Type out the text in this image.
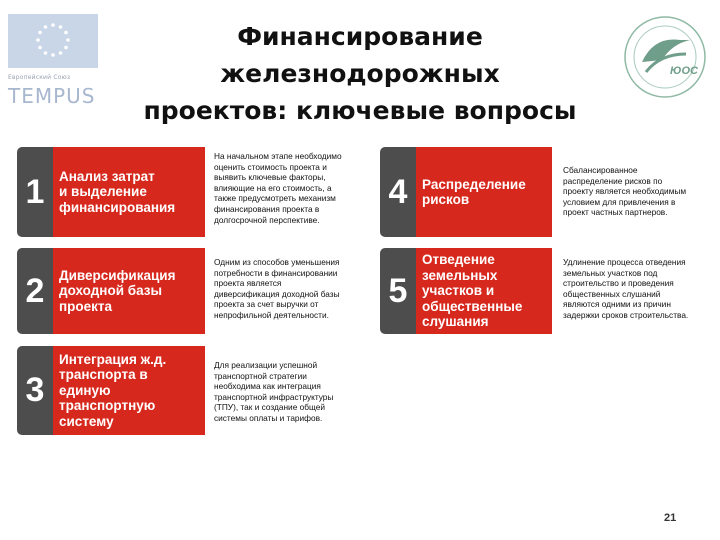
Европейский Союз
TEMPUS
Финансирование железнодорожных
проектов: ключевые вопросы
ЮОС
1	Анализ затрат
и выделение
финансирования
На начальном этапе необходимо
оценить стоимость проекта и
выявить ключевые факторы,
влияющие на его стоимость, а
также предусмотреть механизм
финансирования проекта в
долгосрочной перспективе.
2	Диверсификация
доходной базы
проекта
Одним из способов уменьшения
потребности в финансировании
проекта является
диверсификация доходной базы
проекта за счет выручки от
непрофильной деятельности.
3
Интеграция ж.д.
транспорта в
единую
транспортную
систему
Для реализации успешной
транспортной стратегии
необходима как интеграция
транспортной инфраструктуры
(ТПУ), так и создание общей
системы оплаты и тарифов.
4	Распределение
рисков
Сбалансированное
распределение рисков по
проекту является необходимым
условием для привлечения в
проект частных партнеров.
5
Отведение
земельных
участков и
общественные
слушания
Удлинение процесса отведения
земельных участков под
строительство и проведения
общественных слушаний
являются одними из причин
задержки сроков строительства.
21
